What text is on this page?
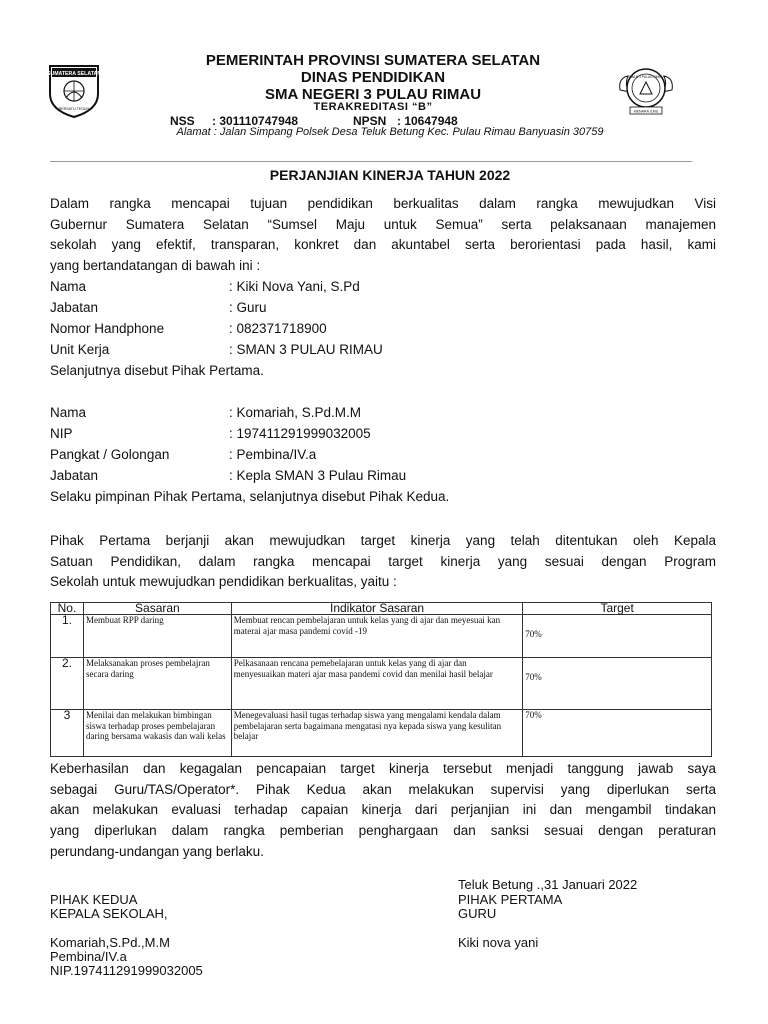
SUMATERA SELATAN
BERSATU TEGUH
SMA N 3 PULAU RIMAU
MENARA ILMU
PEMERINTAH PROVINSI SUMATERA SELATAN
DINAS PENDIDIKAN
SMA NEGERI 3 PULAU RIMAU
TERAKREDITASI “B”
NSS : 301110747948	NPSN : 10647948
Alamat : Jalan Simpang Polsek Desa Teluk Betung Kec. Pulau Rimau Banyuasin 30759
PERJANJIAN KINERJA TAHUN 2022
Dalam rangka mencapai tujuan pendidikan berkualitas dalam rangka mewujudkan Visi
Gubernur Sumatera Selatan “Sumsel Maju untuk Semua” serta pelaksanaan manajemen
sekolah yang efektif, transparan, konkret dan akuntabel serta berorientasi pada hasil, kami
yang bertandatangan di bawah ini :
Nama	: Kiki Nova Yani, S.Pd
Jabatan	: Guru
Nomor Handphone	: 082371718900
Unit Kerja	: SMAN 3 PULAU RIMAU
Selanjutnya disebut Pihak Pertama.
Nama	: Komariah, S.Pd.M.M
NIP	: 197411291999032005
Pangkat / Golongan	: Pembina/IV.a
Jabatan	: Kepla SMAN 3 Pulau Rimau
Selaku pimpinan Pihak Pertama, selanjutnya disebut Pihak Kedua.
Pihak Pertama berjanji akan mewujudkan target kinerja yang telah ditentukan oleh Kepala
Satuan Pendidikan, dalam rangka mencapai target kinerja yang sesuai dengan Program
Sekolah untuk mewujudkan pendidikan berkualitas, yaitu :
No.	Sasaran	Indikator Sasaran	Target
1.	Membuat RPP daring	Membuat rencan pembelajaran untuk kelas yang di ajar dan meyesuai kan materai ajar masa pandemi covid -19	70%
2.	Melaksanakan proses pembelajran secara daring	Pelkasanaan rencana pemebelajaran untuk kelas yang di ajar dan menyesuaikan materi ajar masa pandemi covid dan menilai hasil belajar	70%
3	Menilai dan melakukan bimbingan siswa terhadap proses pembelajaran daring bersama wakasis dan wali kelas	Menegevaluasi hasil tugas terhadap siswa yang mengalami kendala dalam pembelajaran serta bagaimana mengatasi nya kepada siswa yang kesulitan belajar	70%
Keberhasilan dan kegagalan pencapaian target kinerja tersebut menjadi tanggung jawab saya
sebagai Guru/TAS/Operator*. Pihak Kedua akan melakukan supervisi yang diperlukan serta
akan melakukan evaluasi terhadap capaian kinerja dari perjanjian ini dan mengambil tindakan
yang diperlukan dalam rangka pemberian penghargaan dan sanksi sesuai dengan peraturan
perundang-undangan yang berlaku.
Teluk Betung .,31 Januari 2022
PIHAK KEDUA
KEPALA SEKOLAH,
PIHAK PERTAMA
GURU
Komariah,S.Pd.,M.M
Pembina/IV.a
NIP.197411291999032005
Kiki nova yani
